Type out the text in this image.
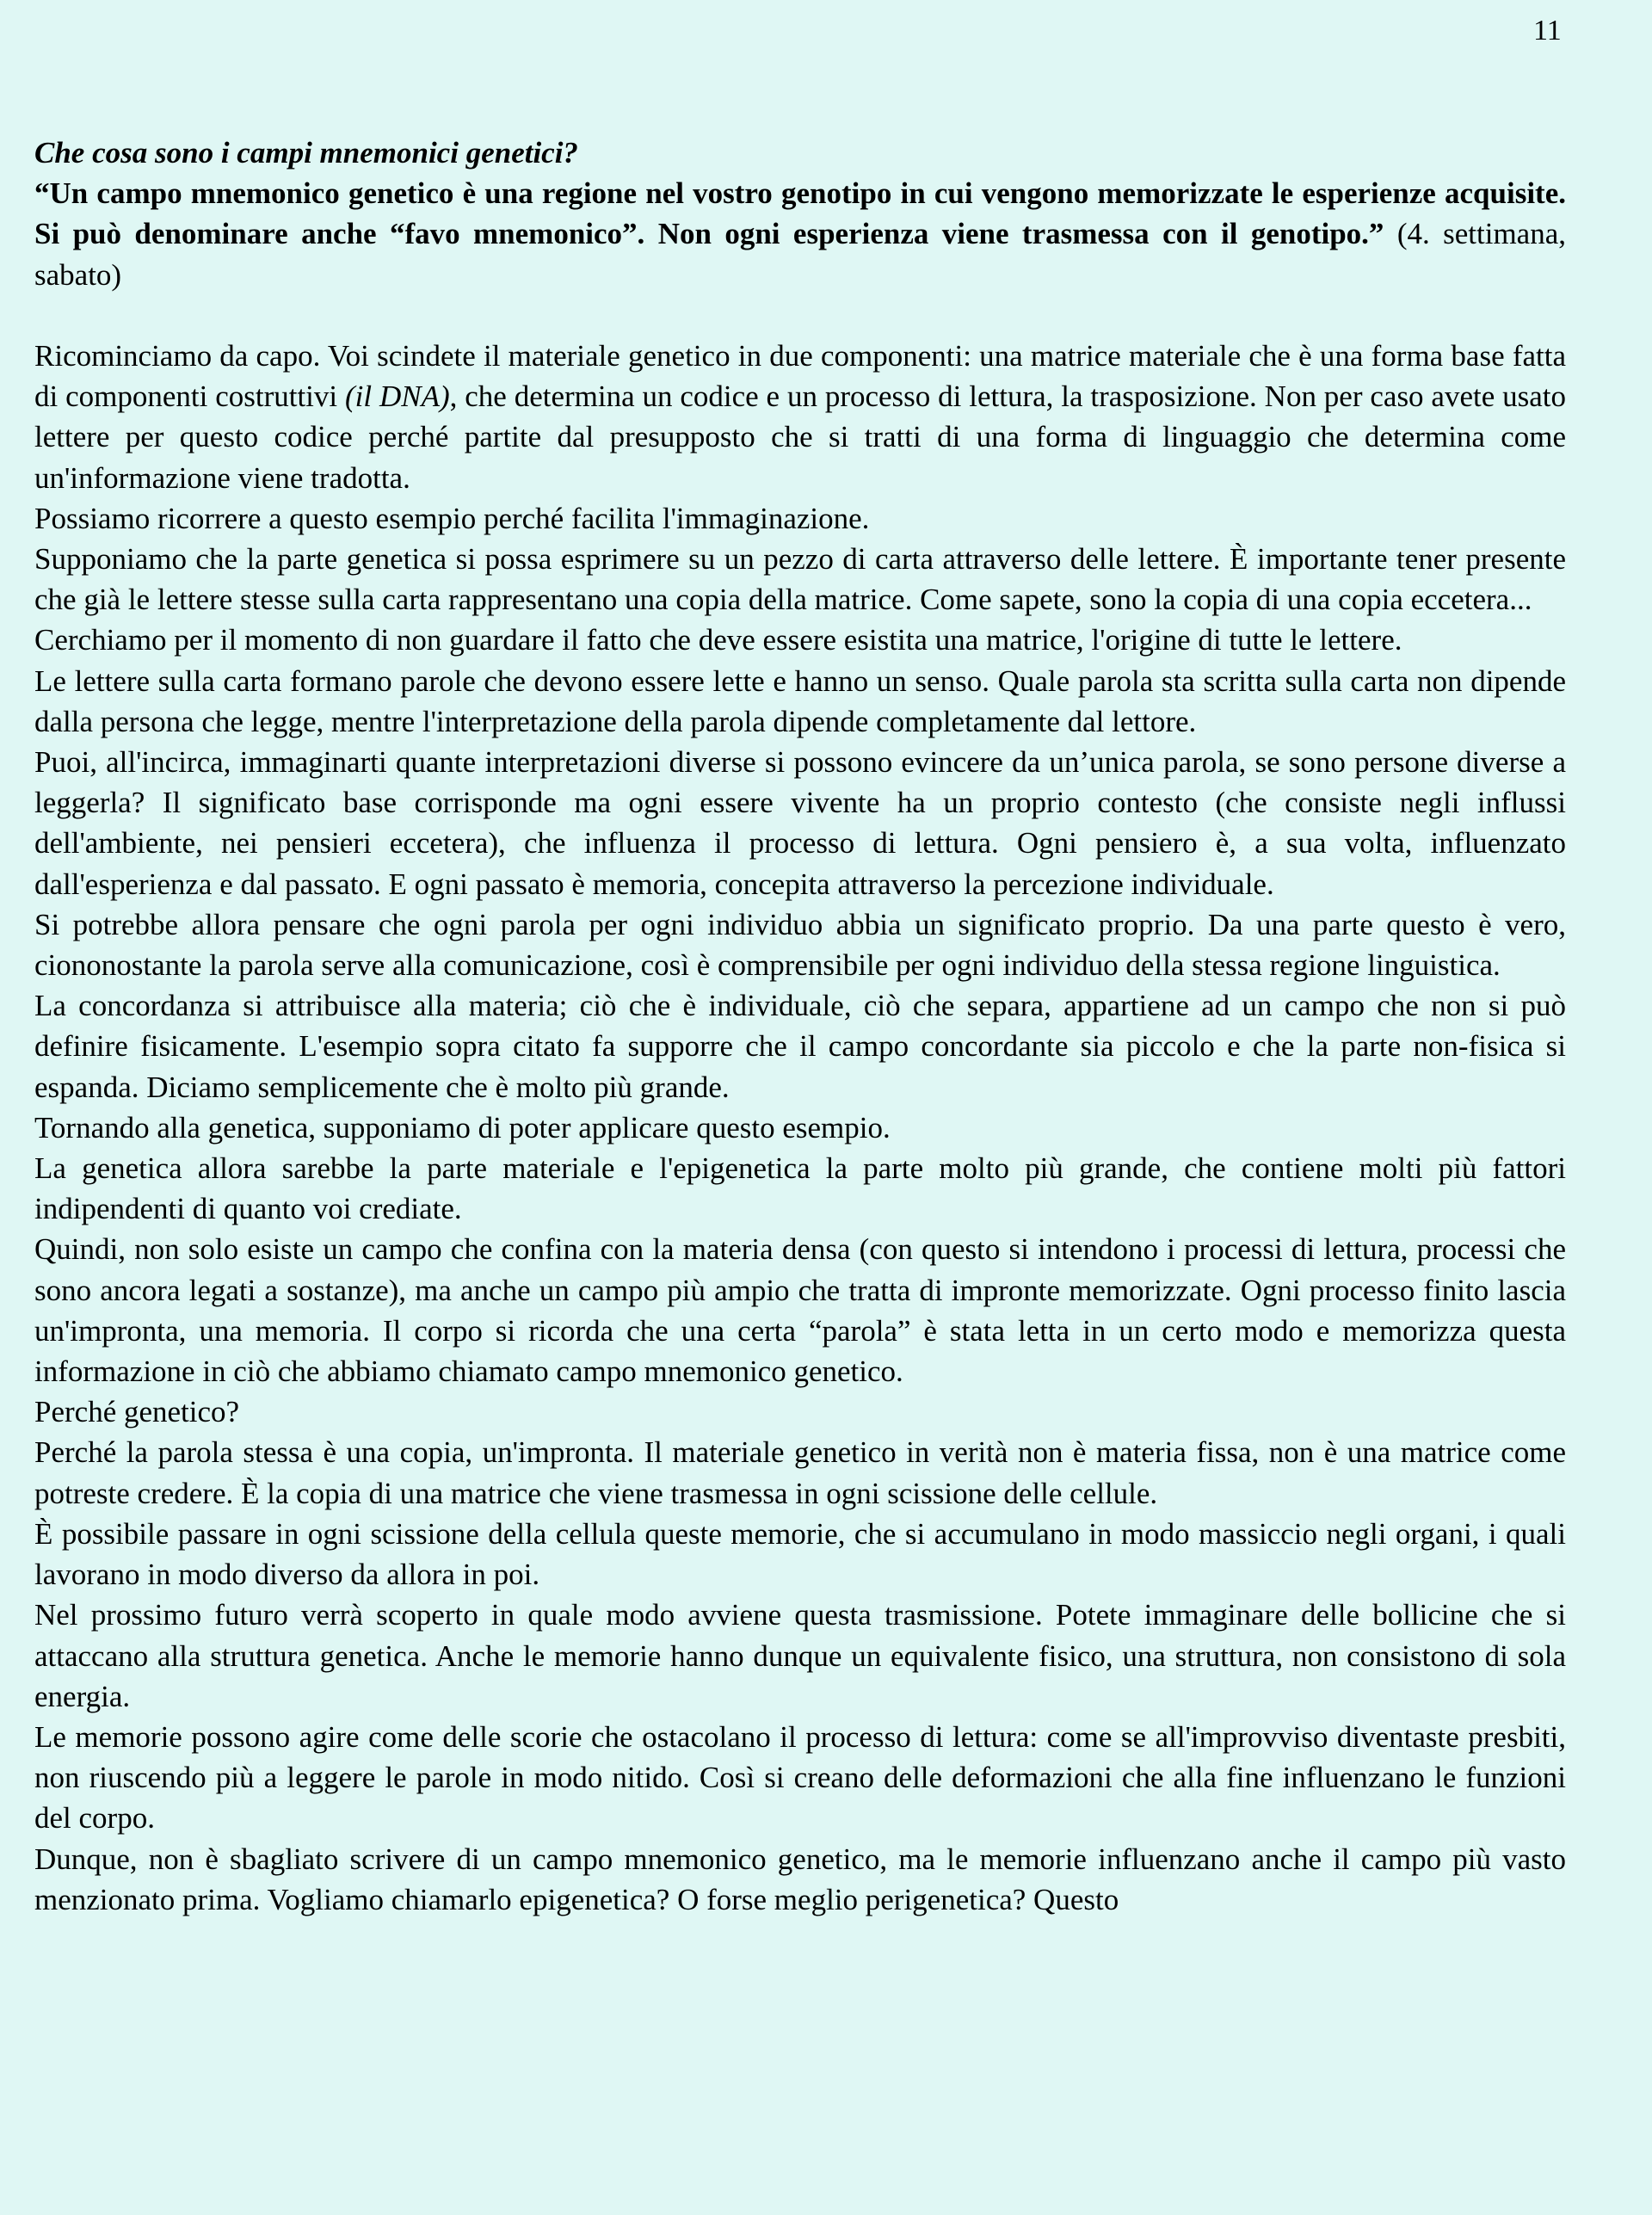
11

Che cosa sono i campi mnemonici genetici?

“Un campo mnemonico genetico è una regione nel vostro genotipo in cui vengono memorizzate le esperienze acquisite. Si può denominare anche “favo mnemonico”. Non ogni esperienza viene trasmessa con il genotipo.” (4. settimana, sabato)

Ricominciamo da capo. Voi scindete il materiale genetico in due componenti: una matrice materiale che è una forma base fatta di componenti costruttivi (il DNA), che determina un codice e un processo di lettura, la trasposizione. Non per caso avete usato lettere per questo codice perché partite dal presupposto che si tratti di una forma di linguaggio che determina come un'informazione viene tradotta.

Possiamo ricorrere a questo esempio perché facilita l'immaginazione.

Supponiamo che la parte genetica si possa esprimere su un pezzo di carta attraverso delle lettere. È importante tener presente che già le lettere stesse sulla carta rappresentano una copia della matrice. Come sapete, sono la copia di una copia eccetera...

Cerchiamo per il momento di non guardare il fatto che deve essere esistita una matrice, l'origine di tutte le lettere.

Le lettere sulla carta formano parole che devono essere lette e hanno un senso. Quale parola sta scritta sulla carta non dipende dalla persona che legge, mentre l'interpretazione della parola dipende completamente dal lettore.

Puoi, all'incirca, immaginarti quante interpretazioni diverse si possono evincere da un’unica parola, se sono persone diverse a leggerla? Il significato base corrisponde ma ogni essere vivente ha un proprio contesto (che consiste negli influssi dell'ambiente, nei pensieri eccetera), che influenza il processo di lettura. Ogni pensiero è, a sua volta, influenzato dall'esperienza e dal passato. E ogni passato è memoria, concepita attraverso la percezione individuale.

Si potrebbe allora pensare che ogni parola per ogni individuo abbia un significato proprio. Da una parte questo è vero, ciononostante la parola serve alla comunicazione, così è comprensibile per ogni individuo della stessa regione linguistica.

La concordanza si attribuisce alla materia; ciò che è individuale, ciò che separa, appartiene ad un campo che non si può definire fisicamente. L'esempio sopra citato fa supporre che il campo concordante sia piccolo e che la parte non-fisica si espanda. Diciamo semplicemente che è molto più grande.

Tornando alla genetica, supponiamo di poter applicare questo esempio.

La genetica allora sarebbe la parte materiale e l'epigenetica la parte molto più grande, che contiene molti più fattori indipendenti di quanto voi crediate.

Quindi, non solo esiste un campo che confina con la materia densa (con questo si intendono i processi di lettura, processi che sono ancora legati a sostanze), ma anche un campo più ampio che tratta di impronte memorizzate. Ogni processo finito lascia un'impronta, una memoria. Il corpo si ricorda che una certa “parola” è stata letta in un certo modo e memorizza questa informazione in ciò che abbiamo chiamato campo mnemonico genetico.

Perché genetico?

Perché la parola stessa è una copia, un'impronta. Il materiale genetico in verità non è materia fissa, non è una matrice come potreste credere. È la copia di una matrice che viene trasmessa in ogni scissione delle cellule.

È possibile passare in ogni scissione della cellula queste memorie, che si accumulano in modo massiccio negli organi, i quali lavorano in modo diverso da allora in poi.

Nel prossimo futuro verrà scoperto in quale modo avviene questa trasmissione. Potete immaginare delle bollicine che si attaccano alla struttura genetica. Anche le memorie hanno dunque un equivalente fisico, una struttura, non consistono di sola energia.

Le memorie possono agire come delle scorie che ostacolano il processo di lettura: come se all'improvviso diventaste presbiti, non riuscendo più a leggere le parole in modo nitido. Così si creano delle deformazioni che alla fine influenzano le funzioni del corpo.

Dunque, non è sbagliato scrivere di un campo mnemonico genetico, ma le memorie influenzano anche il campo più vasto menzionato prima. Vogliamo chiamarlo epigenetica? O forse meglio perigenetica? Questo
